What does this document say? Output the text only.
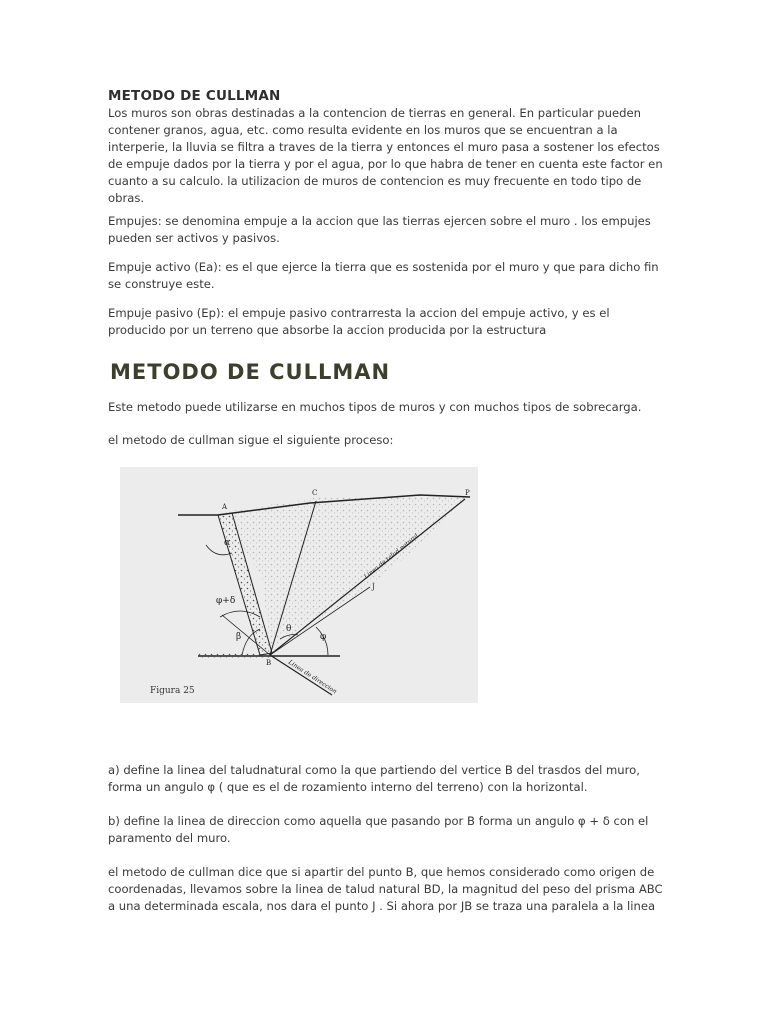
METODO DE CULLMAN

Los muros son obras destinadas a la contencion de tierras en general. En particular pueden contener granos, agua, etc. como resulta evidente en los muros que se encuentran a la interperie, la lluvia se filtra a traves de la tierra y entonces el muro pasa a sostener los efectos de empuje dados por la tierra y por el agua, por lo que habra de tener en cuenta este factor en cuanto a su calculo. la utilizacion de muros de contencion es muy frecuente en todo tipo de obras.

Empujes: se denomina empuje a la accion que las tierras ejercen sobre el muro . los empujes pueden ser activos y pasivos.

Empuje activo (Ea): es el que ejerce la tierra que es sostenida por el muro y que para dicho fin se construye este.

Empuje pasivo (Ep): el empuje pasivo contrarresta la accion del empuje activo, y es el producido por un terreno que absorbe la accion producida por la estructura

METODO DE CULLMAN

Este metodo puede utilizarse en muchos tipos de muros y con muchos tipos de sobrecarga.

el metodo de cullman sigue el siguiente proceso:

A
C	P
B
J
α
φ+δ
β
θ
φ
Linea de talud natural
Linea de direccion
Figura 25

a) define la linea del taludnatural como la que partiendo del vertice B del trasdos del muro, forma un angulo φ ( que es el de rozamiento interno del terreno) con la horizontal.

b) define la linea de direccion como aquella que pasando por B forma un angulo φ + δ con el paramento del muro.

el metodo de cullman dice que si apartir del punto B, que hemos considerado como origen de coordenadas, llevamos sobre la linea de talud natural BD, la magnitud del peso del prisma ABC a una determinada escala, nos dara el punto J . Si ahora por JB se traza una paralela a la linea
